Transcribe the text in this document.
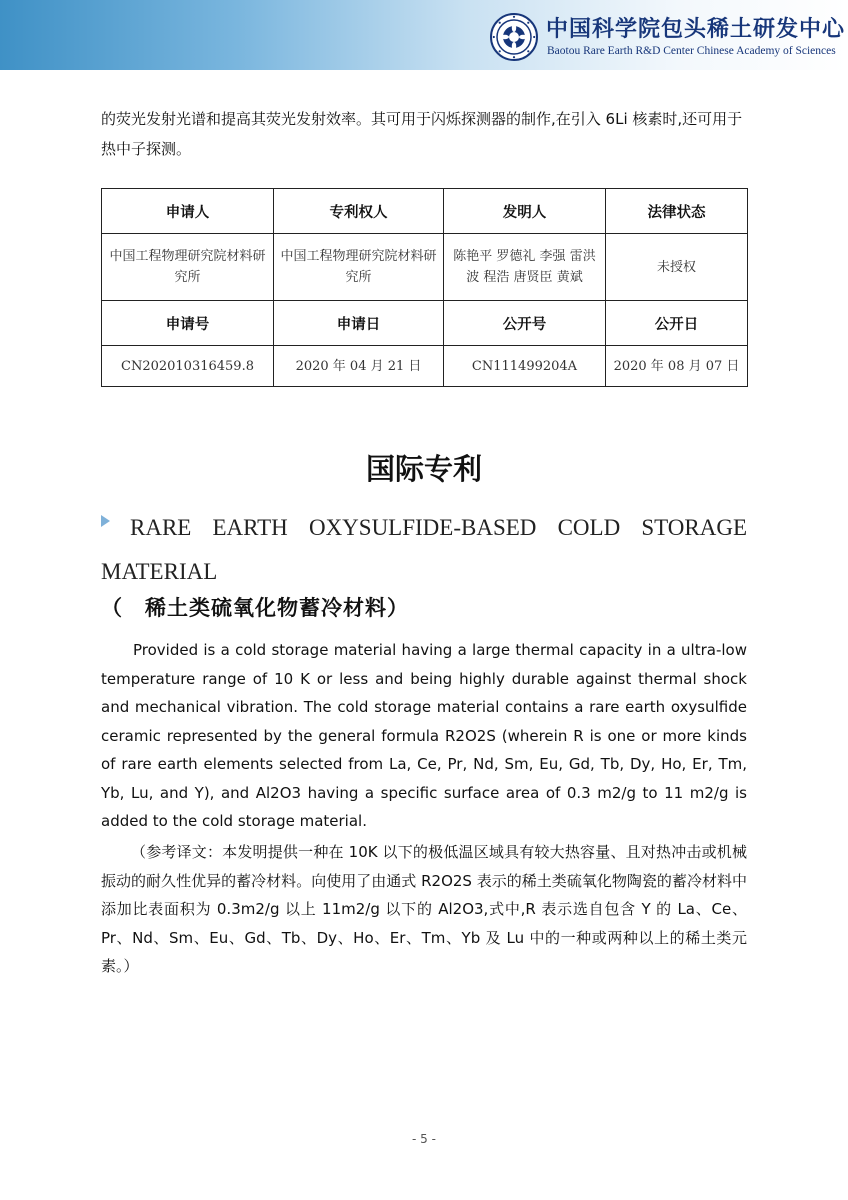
中国科学院包头稀土研发中心
Baotou Rare Earth R&D Center Chinese Academy of Sciences

的荧光发射光谱和提高其荧光发射效率。其可用于闪烁探测器的制作,在引入 6Li 核素时,还可用于热中子探测。

申请人	专利权人	发明人	法律状态
中国工程物理研究院材料研究所	中国工程物理研究院材料研究所	陈艳平 罗德礼 李强 雷洪波 程浩 唐贤臣 黄斌	未授权
申请号	申请日	公开号	公开日
CN202010316459.8	2020 年 04 月 21 日	CN111499204A	2020 年 08 月 07 日
国际专利

RARE EARTH OXYSULFIDE-BASED COLD STORAGE MATERIAL

（　稀土类硫氧化物蓄冷材料）

Provided is a cold storage material having a large thermal capacity in a ultra-low temperature range of 10 K or less and being highly durable against thermal shock and mechanical vibration. The cold storage material contains a rare earth oxysulfide ceramic represented by the general formula R2O2S (wherein R is one or more kinds of rare earth elements selected from La, Ce, Pr, Nd, Sm, Eu, Gd, Tb, Dy, Ho, Er, Tm, Yb, Lu, and Y), and Al2O3 having a specific surface area of 0.3 m2/g to 11 m2/g is added to the cold storage material.

（参考译文：本发明提供一种在 10K 以下的极低温区域具有较大热容量、且对热冲击或机械振动的耐久性优异的蓄冷材料。向使用了由通式 R2O2S 表示的稀土类硫氧化物陶瓷的蓄冷材料中添加比表面积为 0.3m2/g 以上 11m2/g 以下的 Al2O3,式中,R 表示选自包含 Y 的 La、Ce、Pr、Nd、Sm、Eu、Gd、Tb、Dy、Ho、Er、Tm、Yb 及 Lu 中的一种或两种以上的稀土类元素。）

- 5 -
